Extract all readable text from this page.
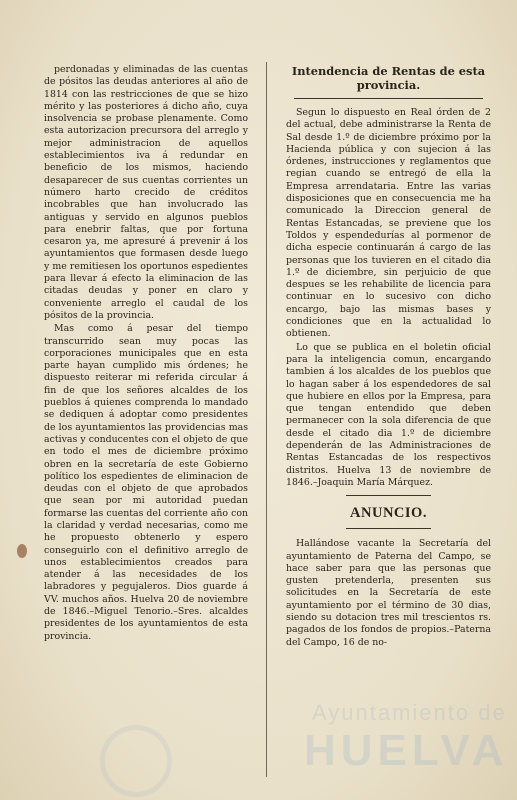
perdonadas y eliminadas de las cuentas de pósitos las deudas anteriores al año de 1814 con las restricciones de que se hizo mérito y las posteriores á dicho año, cuya insolvencia se probase plenamente. Como esta autorizacion precursora del arreglo y mejor administracion de aquellos establecimientos iva á redundar en beneficio de los mismos, haciendo desaparecer de sus cuentas corrientes un número harto crecido de créditos incobrables que han involucrado las antiguas y servido en algunos pueblos para enebrir faltas, que por fortuna cesaron ya, me apresuré á prevenir á los ayuntamientos que formasen desde luego y me remitiesen los oportunos espedientes para llevar á efecto la eliminacion de las citadas deudas y poner en claro y conveniente arreglo el caudal de los pósitos de la provincia.

Mas como á pesar del tiempo transcurrido sean muy pocas las corporaciones municipales que en esta parte hayan cumplido mis órdenes; he dispuesto reiterar mi referida circular á fin de que los señores alcaldes de los pueblos á quienes comprenda lo mandado se dediquen á adoptar como presidentes de los ayuntamientos las providencias mas activas y conducentes con el objeto de que en todo el mes de diciembre próximo obren en la secretaría de este Gobierno político los espedientes de eliminacion de deudas con el objeto de que aprobados que sean por mi autoridad puedan formarse las cuentas del corriente año con la claridad y verdad necesarias, como me he propuesto obtenerlo y espero conseguirlo con el definitivo arreglo de unos establecimientos creados para atender á las necesidades de los labradores y pegujaleros. Dios guarde á VV. muchos años. Huelva 20 de noviembre de 1846.–Miguel Tenorio.–Sres. alcaldes presidentes de los ayuntamientos de esta provincia.

Intendencia de Rentas de esta provincia.

Segun lo dispuesto en Real órden de 2 del actual, debe administrarse la Renta de Sal desde 1.º de diciembre próximo por la Hacienda pública y con sujecion á las órdenes, instrucciones y reglamentos que regian cuando se entregó de ella la Empresa arrendataria. Entre las varias disposiciones que en consecuencia me ha comunicado la Direccion general de Rentas Estancadas, se previene que los Toldos y espendedurías al pormenor de dicha especie continuarán á cargo de las personas que los tuvieren en el citado dia 1.º de diciembre, sin perjuicio de que despues se les rehabilite de licencia para continuar en lo sucesivo con dicho encargo, bajo las mismas bases y condiciones que en la actualidad lo obtienen.

Lo que se publica en el boletin oficial para la inteligencia comun, encargando tambien á los alcaldes de los pueblos que lo hagan saber á los espendedores de sal que hubiere en ellos por la Empresa, para que tengan entendido que deben permanecer con la sola diferencia de que desde el citado dia 1.º de diciembre dependerán de las Administraciones de Rentas Estancadas de los respectivos distritos. Huelva 13 de noviembre de 1846.–Joaquin María Márquez.

ANUNCIO.

Hallándose vacante la Secretaría del ayuntamiento de Paterna del Campo, se hace saber para que las personas que gusten pretenderla, presenten sus solicitudes en la Secretaría de este ayuntamiento por el término de 30 dias, siendo su dotacion tres mil trescientos rs. pagados de los fondos de propios.–Paterna del Campo, 16 de no-

Ayuntamiento de
HUELVA
